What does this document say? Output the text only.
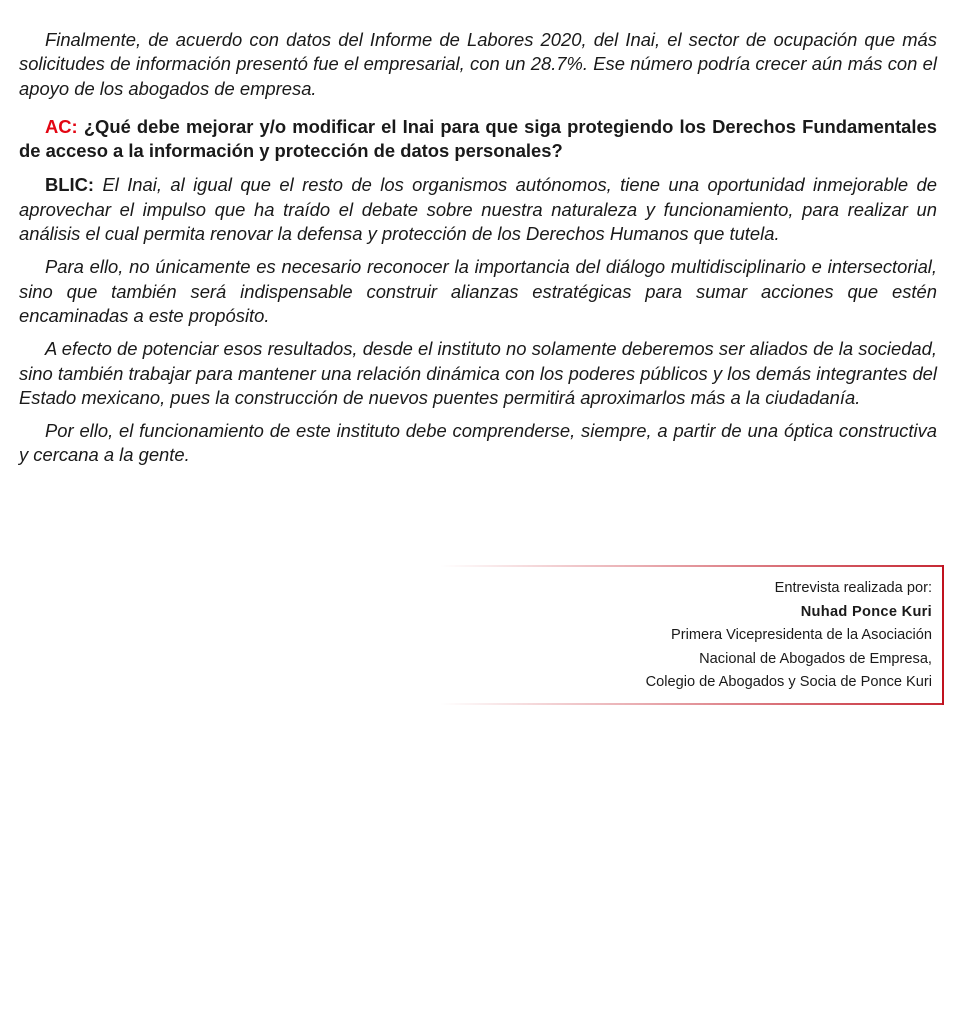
Finalmente, de acuerdo con datos del Informe de Labores 2020, del Inai, el sector de ocupación que más solicitudes de información presentó fue el empresarial, con un 28.7%. Ese número podría crecer aún más con el apoyo de los abogados de empresa.

AC: ¿Qué debe mejorar y/o modificar el Inai para que siga protegiendo los Derechos Fundamentales de acceso a la información y protección de datos personales?

BLIC: El Inai, al igual que el resto de los organismos autónomos, tiene una oportunidad inmejorable de aprovechar el impulso que ha traído el debate sobre nuestra naturaleza y funcionamiento, para realizar un análisis el cual permita renovar la defensa y protección de los Derechos Humanos que tutela.

Para ello, no únicamente es necesario reconocer la importancia del diálogo multidisciplinario e intersectorial, sino que también será indispensable construir alianzas estratégicas para sumar acciones que estén encaminadas a este propósito.

A efecto de potenciar esos resultados, desde el instituto no solamente deberemos ser aliados de la sociedad, sino también trabajar para mantener una relación dinámica con los poderes públicos y los demás integrantes del Estado mexicano, pues la construcción de nuevos puentes permitirá aproximarlos más a la ciudadanía.

Por ello, el funcionamiento de este instituto debe comprenderse, siempre, a partir de una óptica constructiva y cercana a la gente.

Entrevista realizada por:
Nuhad Ponce Kuri
Primera Vicepresidenta de la Asociación
Nacional de Abogados de Empresa,
Colegio de Abogados y Socia de Ponce Kuri
